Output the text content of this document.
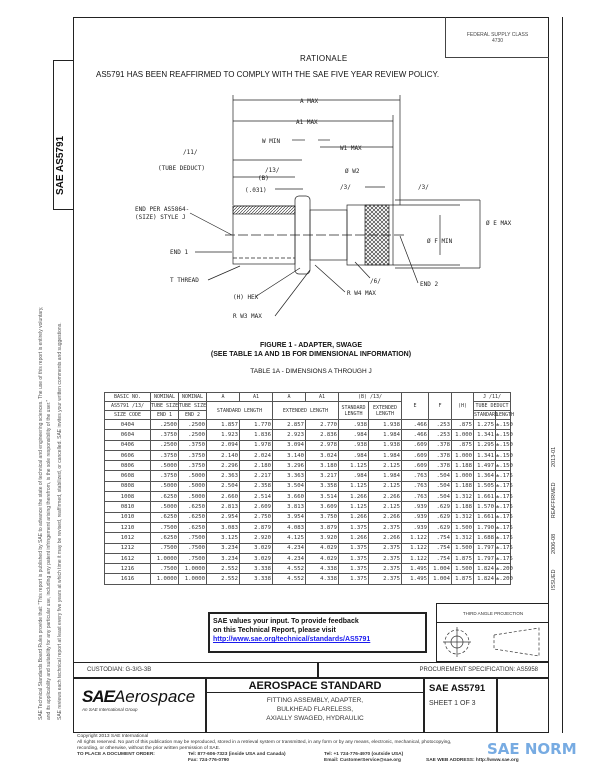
FEDERAL SUPPLY CLASS
4730
RATIONALE
AS5791 HAS BEEN REAFFIRMED TO COMPLY WITH THE SAE FIVE YEAR REVIEW POLICY.
SAE AS5791
SAE Technical Standards Board Rules provide that: "This report is published by SAE to advance the state of technical and engineering sciences. The use of this report is entirely voluntary, and its applicability and suitability for any particular use, including any patent infringement arising therefrom, is the sole responsibility of the user." SAE reviews each technical report at least every five years at which time it may be revised, reaffirmed, stabilized, or cancelled. SAE invites your written comments and suggestions.	ISSUED 2006-08 REAFFIRMED 2013-01
A MAX
A1 MAX
W MIN
W1 MAX
/11/
(TUBE DEDUCT)	/13/
(B)
(.031)
Ø W2
/3/	/3/
END PER AS5864-
(SIZE) STYLE J
END 1
T THREAD
(H) HEX
R W3 MAX
/6/
R W4 MAX
END 2
Ø E MAX
Ø F MIN
FIGURE 1 - ADAPTER, SWAGE
(SEE TABLE 1A AND 1B FOR DIMENSIONAL INFORMATION)
TABLE 1A - DIMENSIONS A THROUGH J
BASIC NO.	NOMINAL	NOMINAL	A	A1	A	A1	(B) /13/		E	F	(H)	J /11/	
AS5791 /13/	TUBE SIZE	TUBE SIZE	STANDARD LENGTH		EXTENDED LENGTH		STANDARD LENGTH	EXTENDED LENGTH				TUBE DEDUCT	
SIZE CODE	END 1	END 2										STANDARD	LENGTH
0404	.2500	.2500	1.857	1.770	2.857	2.770	.938	1.938	.466	.253	.875	1.275	±.150
0604	.3750	.2500	1.923	1.836	2.923	2.836	.984	1.984	.466	.253	1.000	1.341	±.150
0406	.2500	.3750	2.094	1.978	3.094	2.978	.938	1.938	.609	.378	.875	1.295	±.150
0606	.3750	.3750	2.140	2.024	3.140	3.024	.984	1.984	.609	.378	1.000	1.341	±.150
0806	.5000	.3750	2.296	2.180	3.296	3.180	1.125	2.125	.609	.378	1.188	1.497	±.150
0608	.3750	.5000	2.363	2.217	3.363	3.217	.984	1.984	.763	.504	1.000	1.364	±.175
0808	.5000	.5000	2.504	2.358	3.504	3.358	1.125	2.125	.763	.504	1.188	1.505	±.175
1008	.6250	.5000	2.660	2.514	3.660	3.514	1.266	2.266	.763	.504	1.312	1.661	±.175
0810	.5000	.6250	2.813	2.609	3.813	3.609	1.125	2.125	.939	.629	1.188	1.570	±.175
1010	.6250	.6250	2.954	2.750	3.954	3.750	1.266	2.266	.939	.629	1.312	1.661	±.175
1210	.7500	.6250	3.083	2.879	4.083	3.879	1.375	2.375	.939	.629	1.500	1.790	±.175
1012	.6250	.7500	3.125	2.920	4.125	3.920	1.266	2.266	1.122	.754	1.312	1.688	±.175
1212	.7500	.7500	3.234	3.029	4.234	4.029	1.375	2.375	1.122	.754	1.500	1.797	±.175
1612	1.0000	.7500	3.234	3.029	4.234	4.029	1.375	2.375	1.122	.754	1.875	1.797	±.175
1216	.7500	1.0000	2.552	3.338	4.552	4.338	1.375	2.375	1.495	1.004	1.500	1.824	±.200
1616	1.0000	1.0000	2.552	3.338	4.552	4.338	1.375	2.375	1.495	1.004	1.875	1.824	±.200
SAE values your input. To provide feedback
on this Technical Report, please visit
http://www.sae.org/technical/standards/AS5791
THIRD ANGLE PROJECTION
CUSTODIAN: G-3/G-3B	PROCUREMENT SPECIFICATION: AS5958
SAEAerospace
An SAE International Group
AEROSPACE STANDARD
FITTING ASSEMBLY, ADAPTER,
BULKHEAD FLARELESS,
AXIALLY SWAGED, HYDRAULIC
SAE AS5791
SHEET 1 OF 3
Copyright 2013 SAE International
All rights reserved. No part of this publication may be reproduced, stored in a retrieval system or transmitted, in any form or by any means, electronic, mechanical, photocopying,
recording, or otherwise, without the prior written permission of SAE.
TO PLACE A DOCUMENT ORDER:	Tel: 877-606-7323 (inside USA and Canada)
Fax: 724-776-0790
Tel: +1 724-776-4970 (outside USA)
Email: CustomerService@sae.org	SAE WEB ADDRESS: http://www.sae.org
SAE NORM
